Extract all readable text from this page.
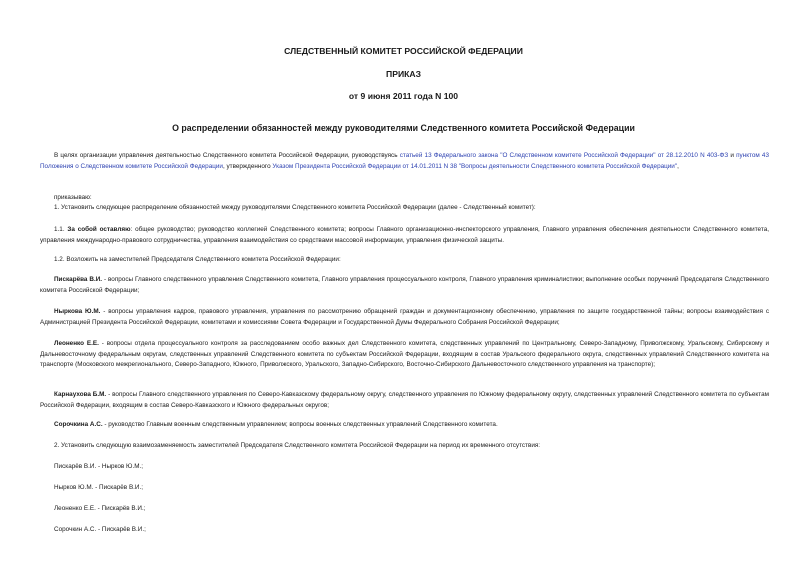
СЛЕДСТВЕННЫЙ КОМИТЕТ РОССИЙСКОЙ ФЕДЕРАЦИИ
ПРИКАЗ
от 9 июня 2011 года N 100
О распределении обязанностей между руководителями Следственного комитета Российской Федерации
В целях организации управления деятельностью Следственного комитета Российской Федерации, руководствуясь статьей 13 Федерального закона "О Следственном комитете Российской Федерации" от 28.12.2010 N 403-ФЗ и пунктом 43 Положения о Следственном комитете Российской Федерации, утвержденного Указом Президента Российской Федерации от 14.01.2011 N 38 "Вопросы деятельности Следственного комитета Российской Федерации",
приказываю:
1. Установить следующее распределение обязанностей между руководителями Следственного комитета Российской Федерации (далее - Следственный комитет):
1.1. За собой оставляю: общее руководство; руководство коллегией Следственного комитета; вопросы Главного организационно-инспекторского управления, Главного управления обеспечения деятельности Следственного комитета, управления международно-правового сотрудничества, управления взаимодействия со средствами массовой информации, управления физической защиты.
1.2. Возложить на заместителей Председателя Следственного комитета Российской Федерации:
Пискарёва В.И. - вопросы Главного следственного управления Следственного комитета, Главного управления процессуального контроля, Главного управления криминалистики; выполнение особых поручений Председателя Следственного комитета Российской Федерации;
Ныркова Ю.М. - вопросы управления кадров, правового управления, управления по рассмотрению обращений граждан и документационному обеспечению, управления по защите государственной тайны; вопросы взаимодействия с Администрацией Президента Российской Федерации, комитетами и комиссиями Совета Федерации и Государственной Думы Федерального Собрания Российской Федерации;
Леоненко Е.Е. - вопросы отдела процессуального контроля за расследованием особо важных дел Следственного комитета, следственных управлений по Центральному, Северо-Западному, Приволжскому, Уральскому, Сибирскому и Дальневосточному федеральным округам, следственных управлений Следственного комитета по субъектам Российской Федерации, входящим в состав Уральского федерального округа, следственных управлений Следственного комитета на транспорте (Московского межрегионального, Северо-Западного, Южного, Приволжского, Уральского, Западно-Сибирского, Восточно-Сибирского Дальневосточного следственного управления на транспорте);
Карнаухова Б.М. - вопросы Главного следственного управления по Северо-Кавказскому федеральному округу, следственного управления по Южному федеральному округу, следственных управлений Следственного комитета по субъектам Российской Федерации, входящим в состав Северо-Кавказского и Южного федеральных округов;
Сорочкина А.С. - руководство Главным военным следственным управлением; вопросы военных следственных управлений Следственного комитета.
2. Установить следующую взаимозаменяемость заместителей Председателя Следственного комитета Российской Федерации на период их временного отсутствия:
Пискарёв В.И. - Нырков Ю.М.;
Нырков Ю.М. - Пискарёв В.И.;
Леоненко Е.Е. - Пискарёв В.И.;
Сорочкин А.С. - Пискарёв В.И.;
